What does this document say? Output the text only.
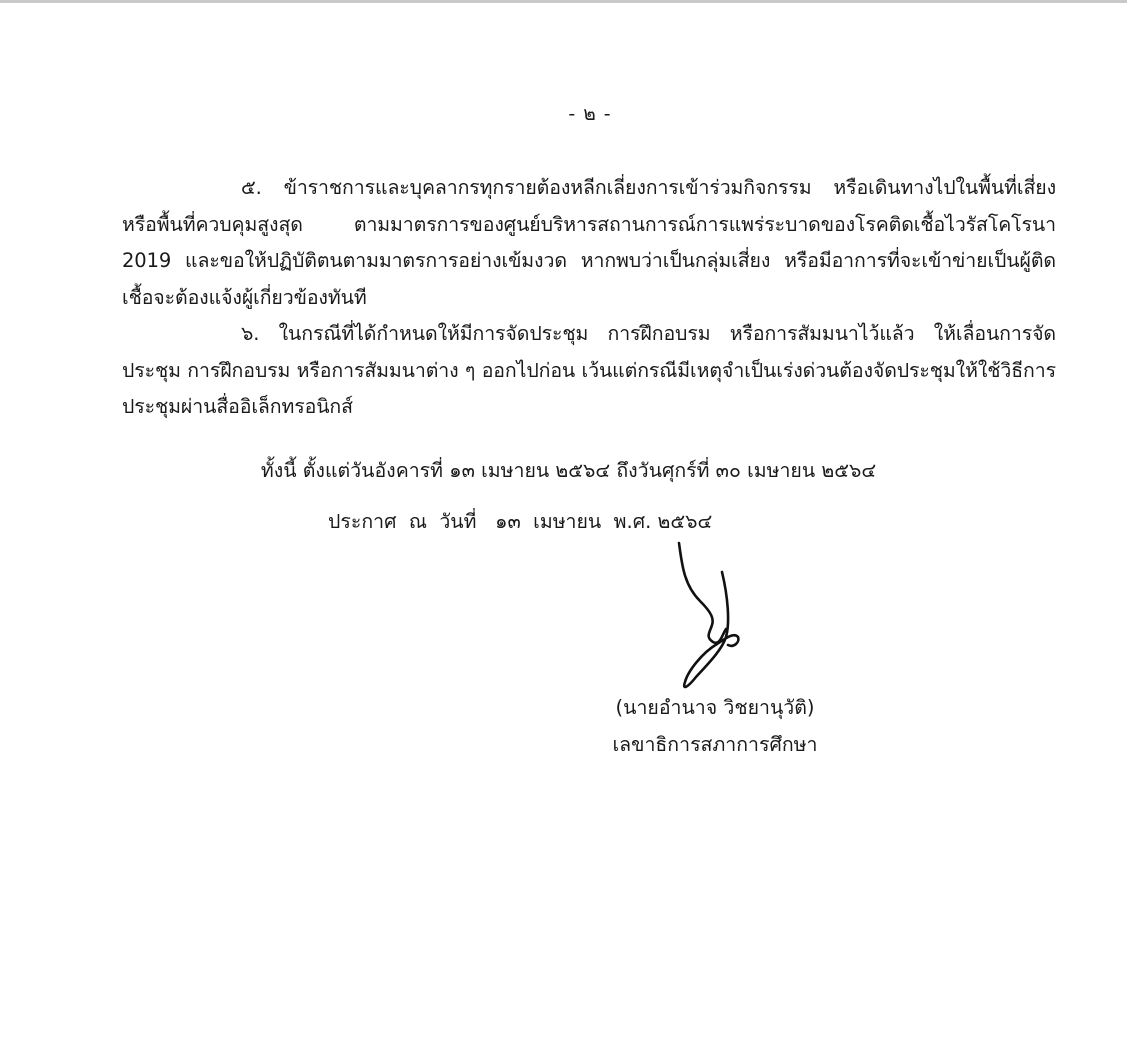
- ๒ -
๕. ข้าราชการและบุคลากรทุกรายต้องหลีกเลี่ยงการเข้าร่วมกิจกรรม หรือเดินทางไปในพื้นที่เสี่ยง หรือพื้นที่ควบคุมสูงสุด ตามมาตรการของศูนย์บริหารสถานการณ์การแพร่ระบาดของโรคติดเชื้อไวรัสโคโรนา 2019 และขอให้ปฏิบัติตนตามมาตรการอย่างเข้มงวด หากพบว่าเป็นกลุ่มเสี่ยง หรือมีอาการที่จะเข้าข่ายเป็นผู้ติดเชื้อจะต้องแจ้งผู้เกี่ยวข้องทันที
๖. ในกรณีที่ได้กำหนดให้มีการจัดประชุม การฝึกอบรม หรือการสัมมนาไว้แล้ว ให้เลื่อนการจัดประชุม การฝึกอบรม หรือการสัมมนาต่าง ๆ ออกไปก่อน เว้นแต่กรณีมีเหตุจำเป็นเร่งด่วนต้องจัดประชุมให้ใช้วิธีการประชุมผ่านสื่ออิเล็กทรอนิกส์
ทั้งนี้ ตั้งแต่วันอังคารที่ ๑๓ เมษายน ๒๕๖๔ ถึงวันศุกร์ที่ ๓๐ เมษายน ๒๕๖๔
ประกาศ  ณ  วันที่   ๑๓  เมษายน  พ.ศ. ๒๕๖๔
(นายอำนาจ วิชยานุวัติ)
เลขาธิการสภาการศึกษา
